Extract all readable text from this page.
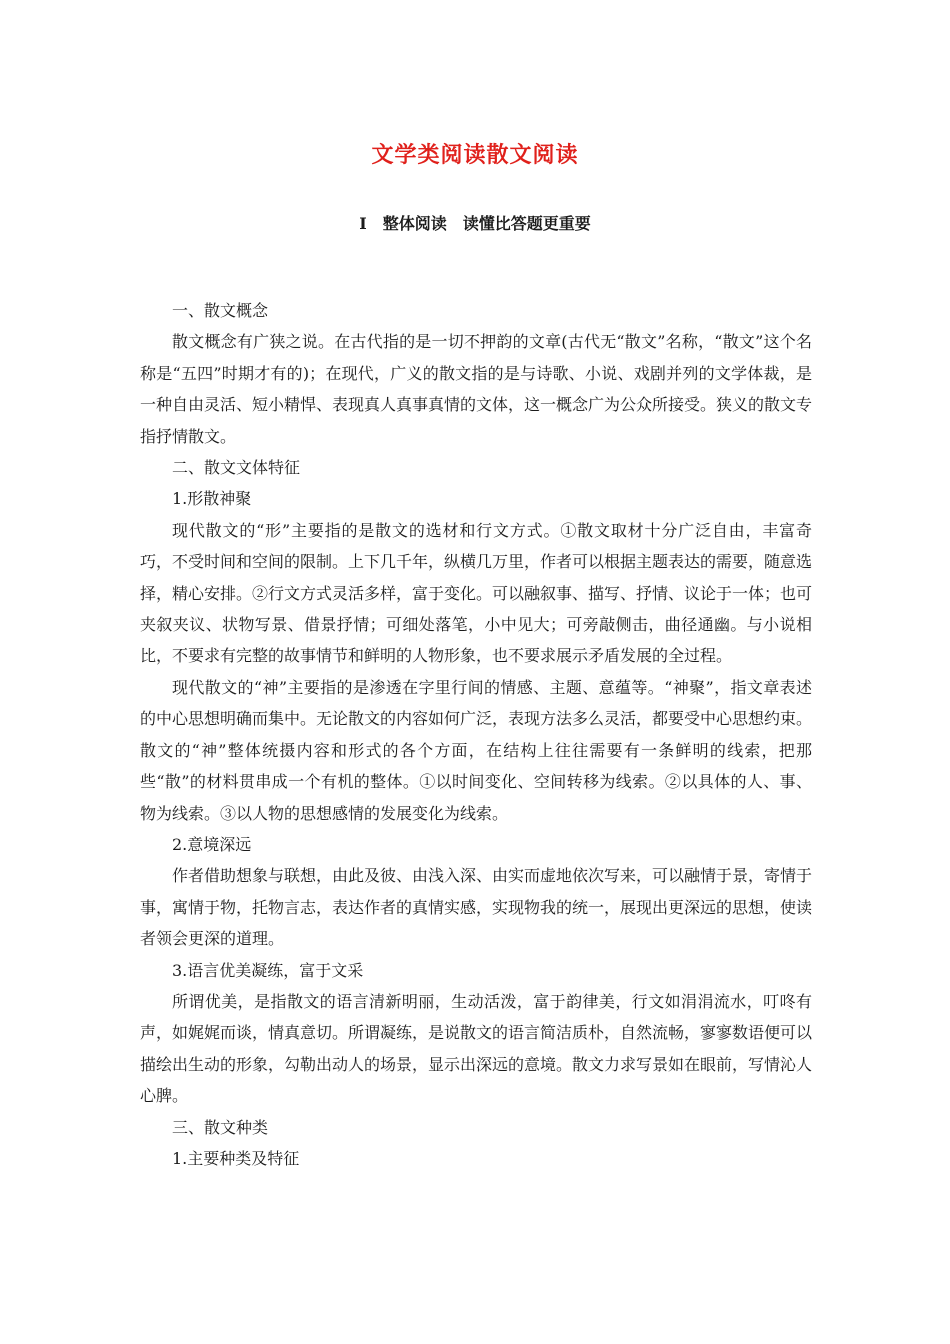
文学类阅读散文阅读
Ⅰ 整体阅读　读懂比答题更重要

一、散文概念

散文概念有广狭之说。在古代指的是一切不押韵的文章(古代无“散文”名称，“散文”这个名称是“五四”时期才有的)；在现代，广义的散文指的是与诗歌、小说、戏剧并列的文学体裁，是一种自由灵活、短小精悍、表现真人真事真情的文体，这一概念广为公众所接受。狭义的散文专指抒情散文。

二、散文文体特征

1.形散神聚

现代散文的“形”主要指的是散文的选材和行文方式。①散文取材十分广泛自由，丰富奇巧，不受时间和空间的限制。上下几千年，纵横几万里，作者可以根据主题表达的需要，随意选择，精心安排。②行文方式灵活多样，富于变化。可以融叙事、描写、抒情、议论于一体；也可夹叙夹议、状物写景、借景抒情；可细处落笔，小中见大；可旁敲侧击，曲径通幽。与小说相比，不要求有完整的故事情节和鲜明的人物形象，也不要求展示矛盾发展的全过程。

现代散文的“神”主要指的是渗透在字里行间的情感、主题、意蕴等。“神聚”，指文章表述的中心思想明确而集中。无论散文的内容如何广泛，表现方法多么灵活，都要受中心思想约束。散文的“神”整体统摄内容和形式的各个方面，在结构上往往需要有一条鲜明的线索，把那些“散”的材料贯串成一个有机的整体。①以时间变化、空间转移为线索。②以具体的人、事、物为线索。③以人物的思想感情的发展变化为线索。

2.意境深远

作者借助想象与联想，由此及彼、由浅入深、由实而虚地依次写来，可以融情于景，寄情于事，寓情于物，托物言志，表达作者的真情实感，实现物我的统一，展现出更深远的思想，使读者领会更深的道理。

3.语言优美凝练，富于文采

所谓优美，是指散文的语言清新明丽，生动活泼，富于韵律美，行文如涓涓流水，叮咚有声，如娓娓而谈，情真意切。所谓凝练，是说散文的语言简洁质朴，自然流畅，寥寥数语便可以描绘出生动的形象，勾勒出动人的场景，显示出深远的意境。散文力求写景如在眼前，写情沁人心脾。

三、散文种类

1.主要种类及特征
